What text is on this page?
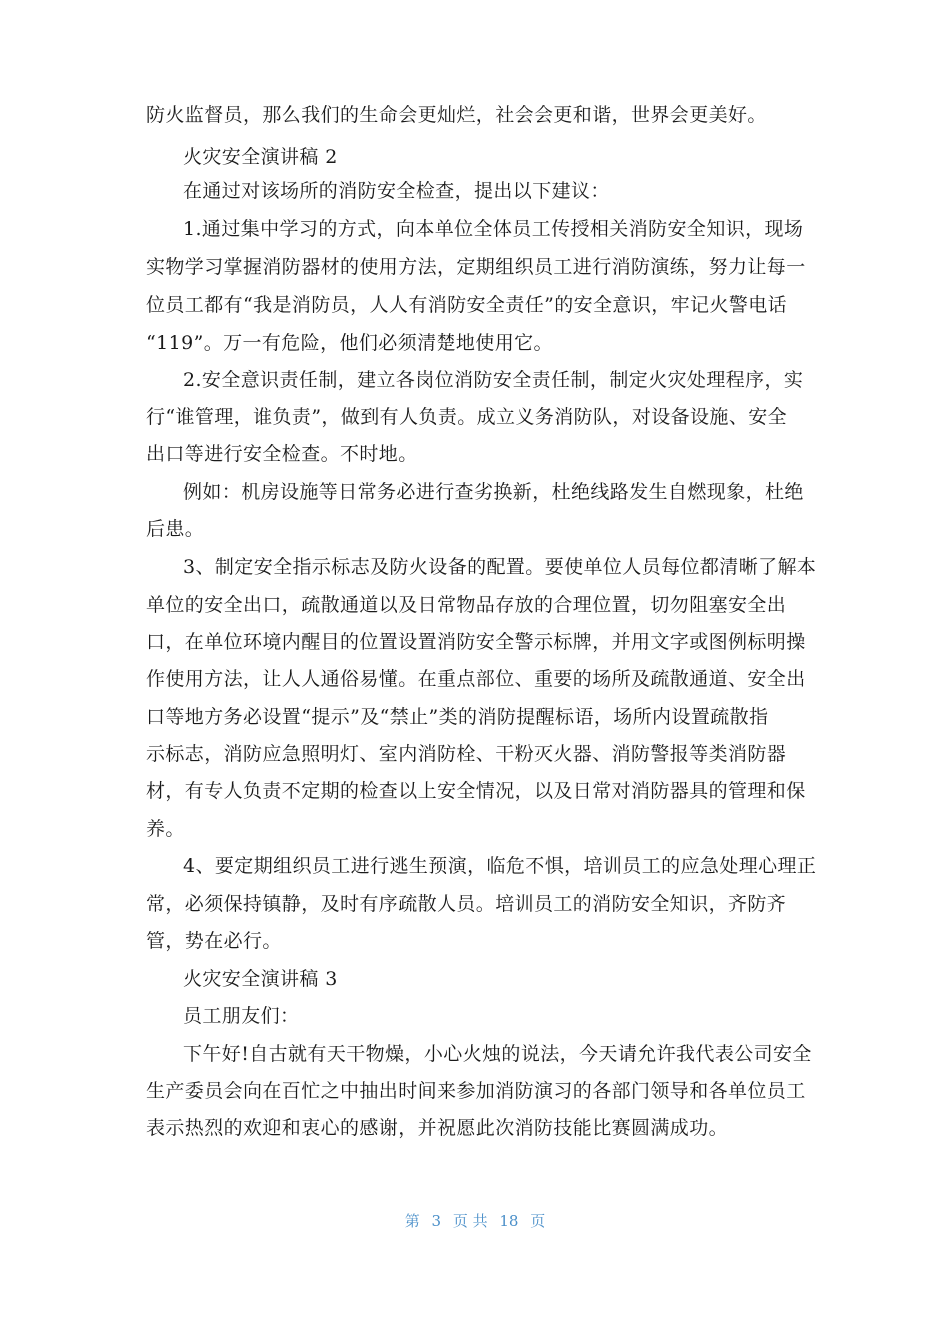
防火监督员，那么我们的生命会更灿烂，社会会更和谐，世界会更美好。
火灾安全演讲稿 2
在通过对该场所的消防安全检查，提出以下建议：
1.通过集中学习的方式，向本单位全体员工传授相关消防安全知识，现场
实物学习掌握消防器材的使用方法，定期组织员工进行消防演练，努力让每一
位员工都有“我是消防员，人人有消防安全责任”的安全意识，牢记火警电话
“119”。万一有危险，他们必须清楚地使用它。
2.安全意识责任制，建立各岗位消防安全责任制，制定火灾处理程序，实
行“谁管理，谁负责”，做到有人负责。成立义务消防队，对设备设施、安全
出口等进行安全检查。不时地。
例如：机房设施等日常务必进行查劣换新，杜绝线路发生自燃现象，杜绝
后患。
3、制定安全指示标志及防火设备的配置。要使单位人员每位都清晰了解本
单位的安全出口，疏散通道以及日常物品存放的合理位置，切勿阻塞安全出
口，在单位环境内醒目的位置设置消防安全警示标牌，并用文字或图例标明操
作使用方法，让人人通俗易懂。在重点部位、重要的场所及疏散通道、安全出
口等地方务必设置“提示”及“禁止”类的消防提醒标语，场所内设置疏散指
示标志，消防应急照明灯、室内消防栓、干粉灭火器、消防警报等类消防器
材，有专人负责不定期的检查以上安全情况，以及日常对消防器具的管理和保
养。
4、要定期组织员工进行逃生预演，临危不惧，培训员工的应急处理心理正
常，必须保持镇静，及时有序疏散人员。培训员工的消防安全知识，齐防齐
管，势在必行。
火灾安全演讲稿 3
员工朋友们：
下午好!自古就有天干物燥，小心火烛的说法，今天请允许我代表公司安全
生产委员会向在百忙之中抽出时间来参加消防演习的各部门领导和各单位员工
表示热烈的欢迎和衷心的感谢，并祝愿此次消防技能比赛圆满成功。
第 3 页 共 18 页
